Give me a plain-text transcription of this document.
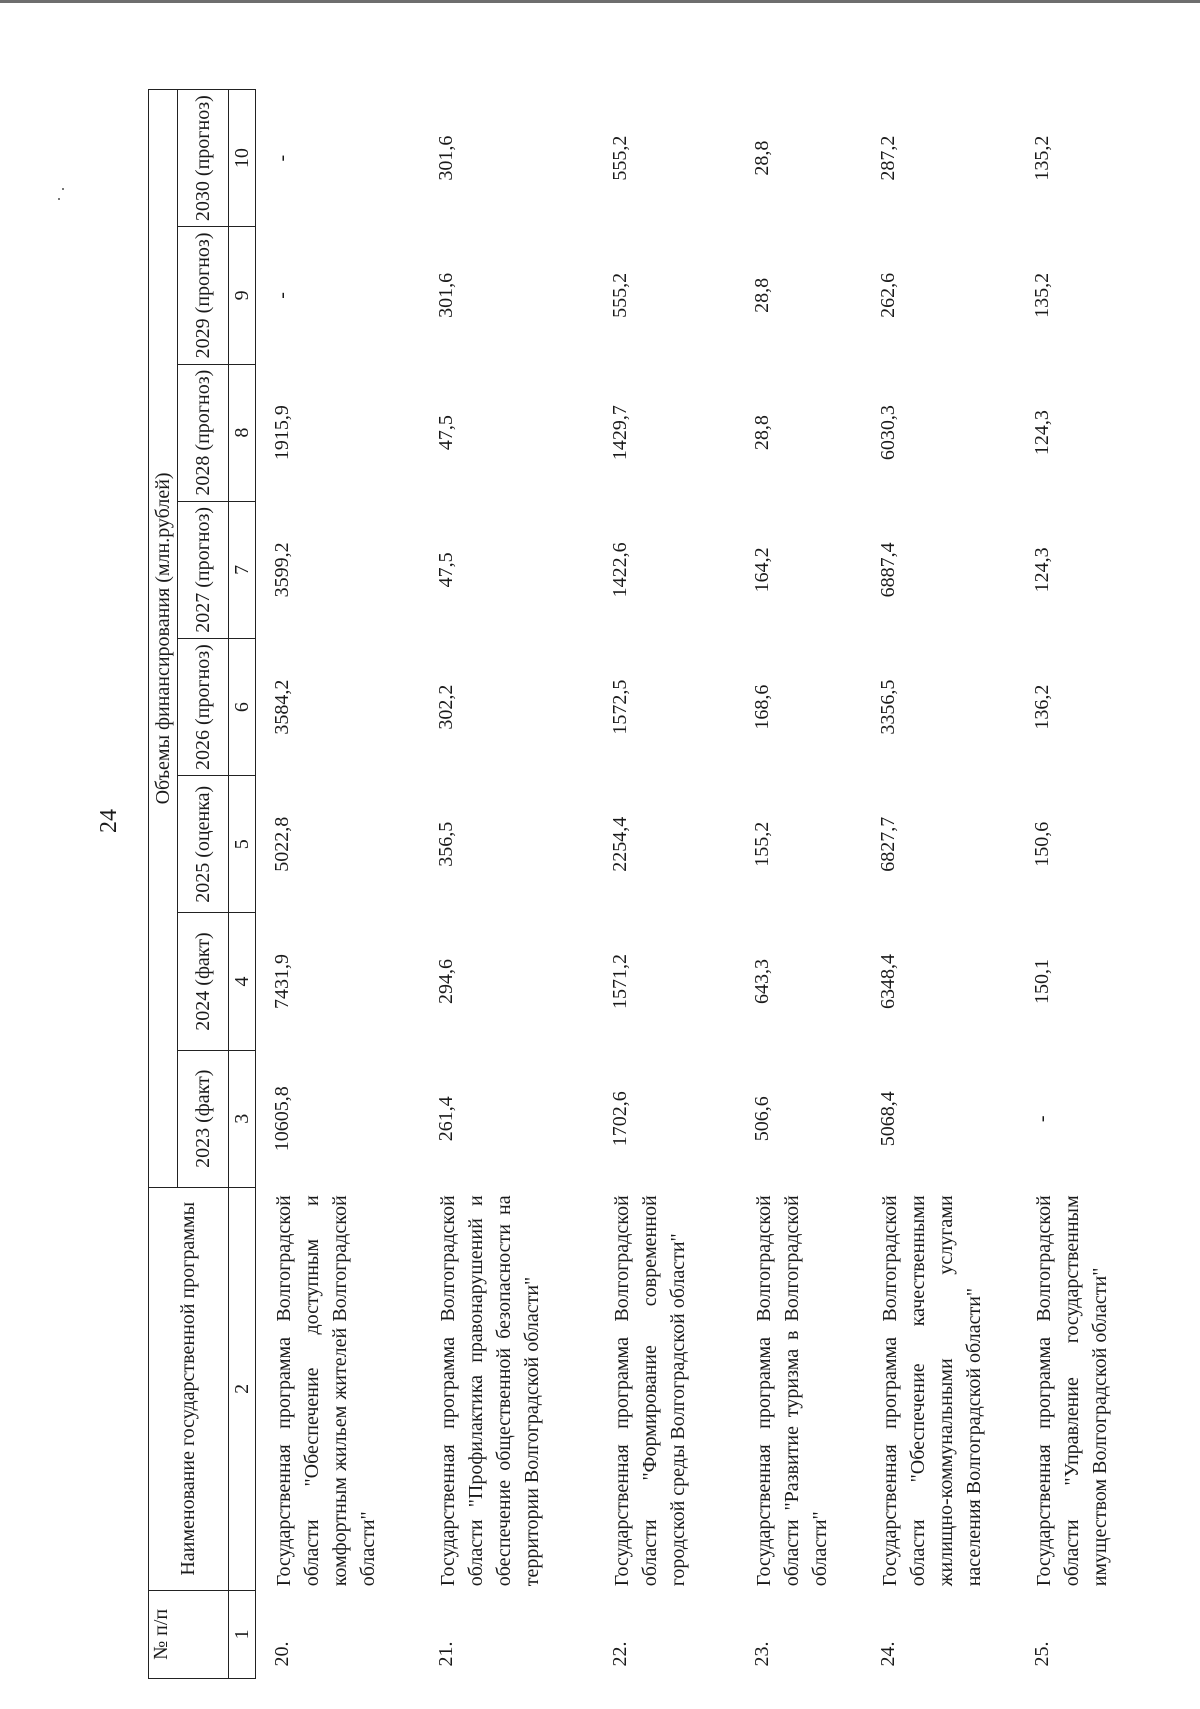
24
№ п/п	Наименование государственной программы	Объемы финансирования (млн.рублей)							
		2023 (факт)	2024 (факт)	2025 (оценка)	2026 (прогноз)	2027 (прогноз)	2028 (прогноз)	2029 (прогноз)	2030 (прогноз)
1	2	3	4	5	6	7	8	9	10
20.	Государственная программа Волгоградской области "Обеспечение доступным и комфортным жильем жителей Волгоградской области"	10605,8	7431,9	5022,8	3584,2	3599,2	1915,9	-	-
21.	Государственная программа Волгоградской области "Профилактика правонарушений и обеспечение общественной безопасности на территории Волгоградской области"	261,4	294,6	356,5	302,2	47,5	47,5	301,6	301,6
22.	Государственная программа Волгоградской области "Формирование современной городской среды Волгоградской области"	1702,6	1571,2	2254,4	1572,5	1422,6	1429,7	555,2	555,2
23.	Государственная программа Волгоградской области "Развитие туризма в Волгоградской области"	506,6	643,3	155,2	168,6	164,2	28,8	28,8	28,8
24.	Государственная программа Волгоградской области "Обеспечение качественными жилищно-коммунальными услугами населения Волгоградской области"	5068,4	6348,4	6827,7	3356,5	6887,4	6030,3	262,6	287,2
25.	Государственная программа Волгоградской области "Управление государственным имуществом Волгоградской области"	-	150,1	150,6	136,2	124,3	124,3	135,2	135,2
